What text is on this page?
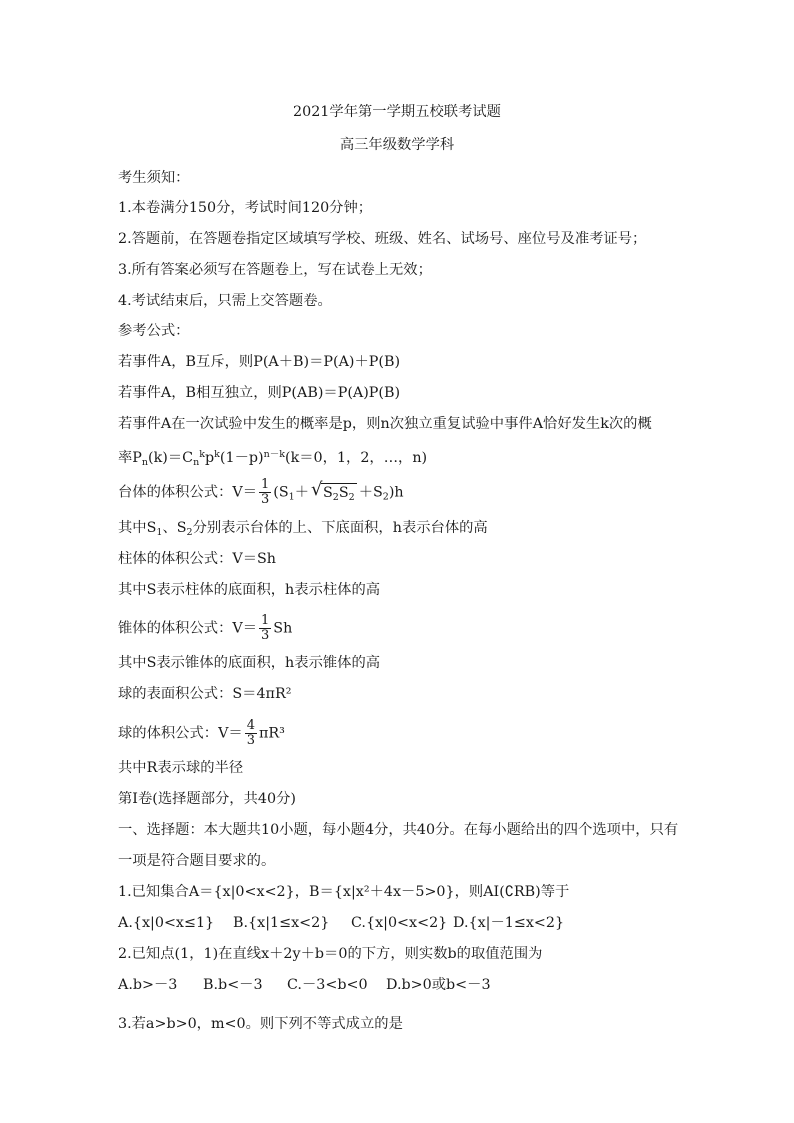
2021学年第一学期五校联考试题
高三年级数学学科
考生须知：
1.本卷满分150分，考试时间120分钟；
2.答题前，在答题卷指定区域填写学校、班级、姓名、试场号、座位号及准考证号；
3.所有答案必须写在答题卷上，写在试卷上无效；
4.考试结束后，只需上交答题卷。
参考公式：
若事件A，B互斥，则P(A＋B)＝P(A)＋P(B)
若事件A，B相互独立，则P(AB)＝P(A)P(B)
若事件A在一次试验中发生的概率是p，则n次独立重复试验中事件A恰好发生k次的概
率$P_n(k)=C_n^kp^k(1-p)^{n-k}(k=0$，1，2，…，n)
台体的体积公式：$V= \frac{1}{3} (S_1+$ √ $S_2S_2 +S_2)h$
其中$S_1$、$S_2$分别表示台体的上、下底面积，h表示台体的高
柱体的体积公式：V＝Sh
其中S表示柱体的底面积，h表示柱体的高
锥体的体积公式：$V= \frac{1}{3}$ Sh
其中S表示锥体的底面积，h表示锥体的高
球的表面积公式：S＝4πR²
球的体积公式：$V= \frac{4}{3} \pi R^3$
共中R表示球的半径
第Ⅰ卷(选择题部分，共40分)
一、选择题：本大题共10小题，每小题4分，共40分。在每小题给出的四个选项中，只有
一项是符合题目要求的。
1.已知集合A＝{x|0<x<2}，B＝{x|x²＋4x－5>0}，则AI(∁RB)等于
A.{x|0<x≤1} B.{x|1≤x<2} C.{x|0<x<2} D.{x|－1≤x<2}
2.已知点(1，1)在直线x＋2y＋b＝0的下方，则实数b的取值范围为
A.b>－3 B.b<－3 C.－3<b<0 D.b>0或b<－3
3.若a>b>0，m<0。则下列不等式成立的是
